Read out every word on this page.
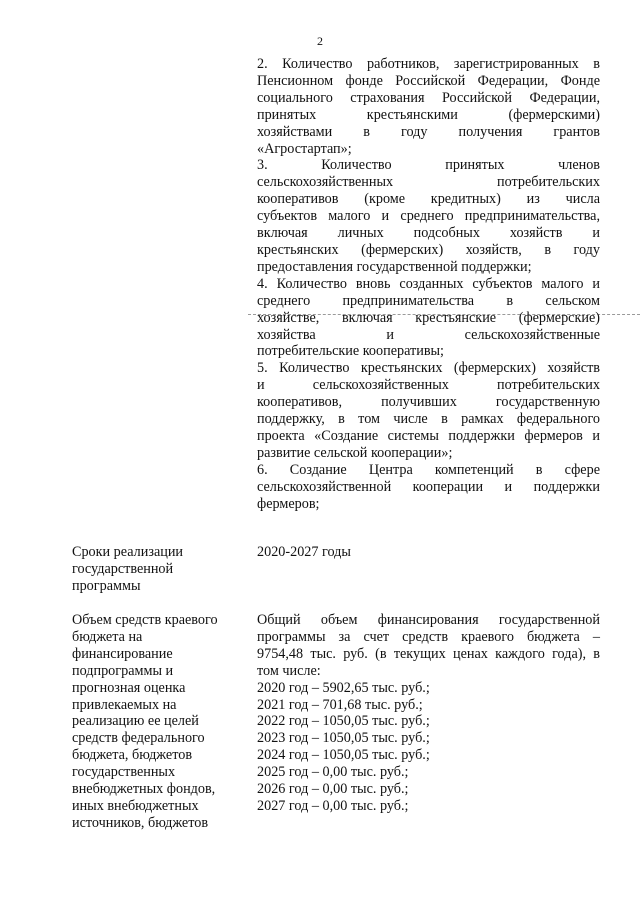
2
2. Количество работников, зарегистрированных в
Пенсионном фонде Российской Федерации, Фонде
социального страхования Российской Федерации,
принятых крестьянскими (фермерскими)
хозяйствами в году получения грантов
«Агростартап»;
3. Количество принятых членов
сельскохозяйственных потребительских
кооперативов (кроме кредитных) из числа
субъектов малого и среднего предпринимательства,
включая личных подсобных хозяйств и
крестьянских (фермерских) хозяйств, в году
предоставления государственной поддержки;
4. Количество вновь созданных субъектов малого и
среднего предпринимательства в сельском
хозяйстве, включая крестьянские (фермерские)
хозяйства и сельскохозяйственные
потребительские кооперативы;
5. Количество крестьянских (фермерских) хозяйств
и сельскохозяйственных потребительских
кооперативов, получивших государственную
поддержку, в том числе в рамках федерального
проекта «Создание системы поддержки фермеров и
развитие сельской кооперации»;
6. Создание Центра компетенций в сфере
сельскохозяйственной кооперации и поддержки
фермеров;
Сроки реализации
государственной
программы
2020-2027 годы
Объем средств краевого
бюджета на
финансирование
подпрограммы и
прогнозная оценка
привлекаемых на
реализацию ее целей
средств федерального
бюджета, бюджетов
государственных
внебюджетных фондов,
иных внебюджетных
источников, бюджетов
Общий объем финансирования государственной
программы за счет средств краевого бюджета –
9754,48 тыс. руб. (в текущих ценах каждого года), в
том числе:
2020 год – 5902,65 тыс. руб.;
2021 год – 701,68 тыс. руб.;
2022 год – 1050,05 тыс. руб.;
2023 год – 1050,05 тыс. руб.;
2024 год – 1050,05 тыс. руб.;
2025 год – 0,00 тыс. руб.;
2026 год – 0,00 тыс. руб.;
2027 год – 0,00 тыс. руб.;
